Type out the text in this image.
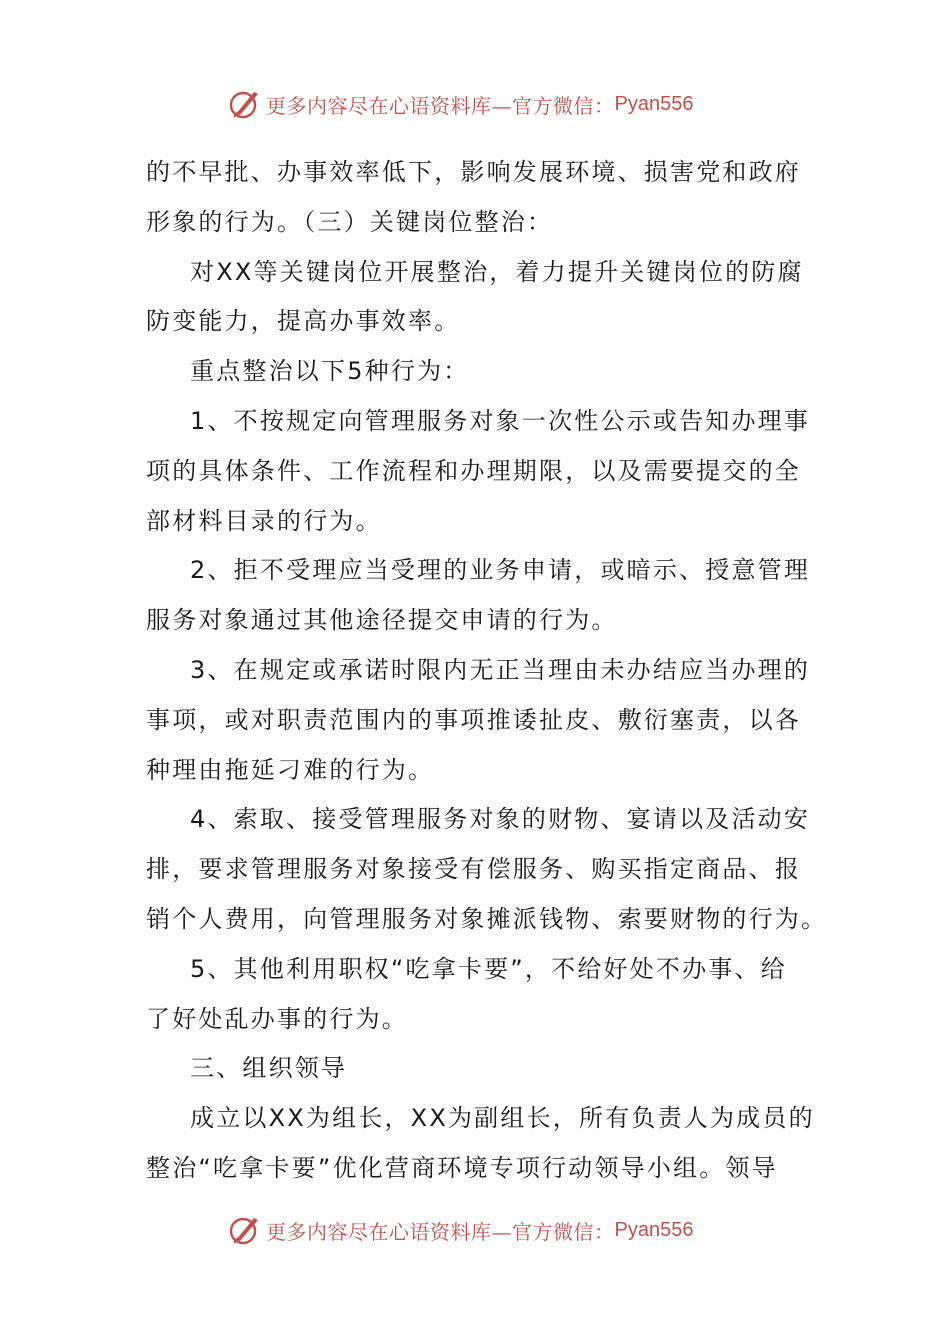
更多内容尽在心语资料库—官方微信： Pyan556
的不早批、办事效率低下，影响发展环境、损害党和政府
形象的行为。（三）关键岗位整治：
对XX等关键岗位开展整治，着力提升关键岗位的防腐
防变能力，提高办事效率。
重点整治以下5种行为：
1、不按规定向管理服务对象一次性公示或告知办理事
项的具体条件、工作流程和办理期限，以及需要提交的全
部材料目录的行为。
2、拒不受理应当受理的业务申请，或暗示、授意管理
服务对象通过其他途径提交申请的行为。
3、在规定或承诺时限内无正当理由未办结应当办理的
事项，或对职责范围内的事项推诿扯皮、敷衍塞责，以各
种理由拖延刁难的行为。
4、索取、接受管理服务对象的财物、宴请以及活动安
排，要求管理服务对象接受有偿服务、购买指定商品、报
销个人费用，向管理服务对象摊派钱物、索要财物的行为。
5、其他利用职权“吃拿卡要”，不给好处不办事、给
了好处乱办事的行为。
三、组织领导
成立以XX为组长，XX为副组长，所有负责人为成员的
整治“吃拿卡要”优化营商环境专项行动领导小组。领导
更多内容尽在心语资料库—官方微信： Pyan556
